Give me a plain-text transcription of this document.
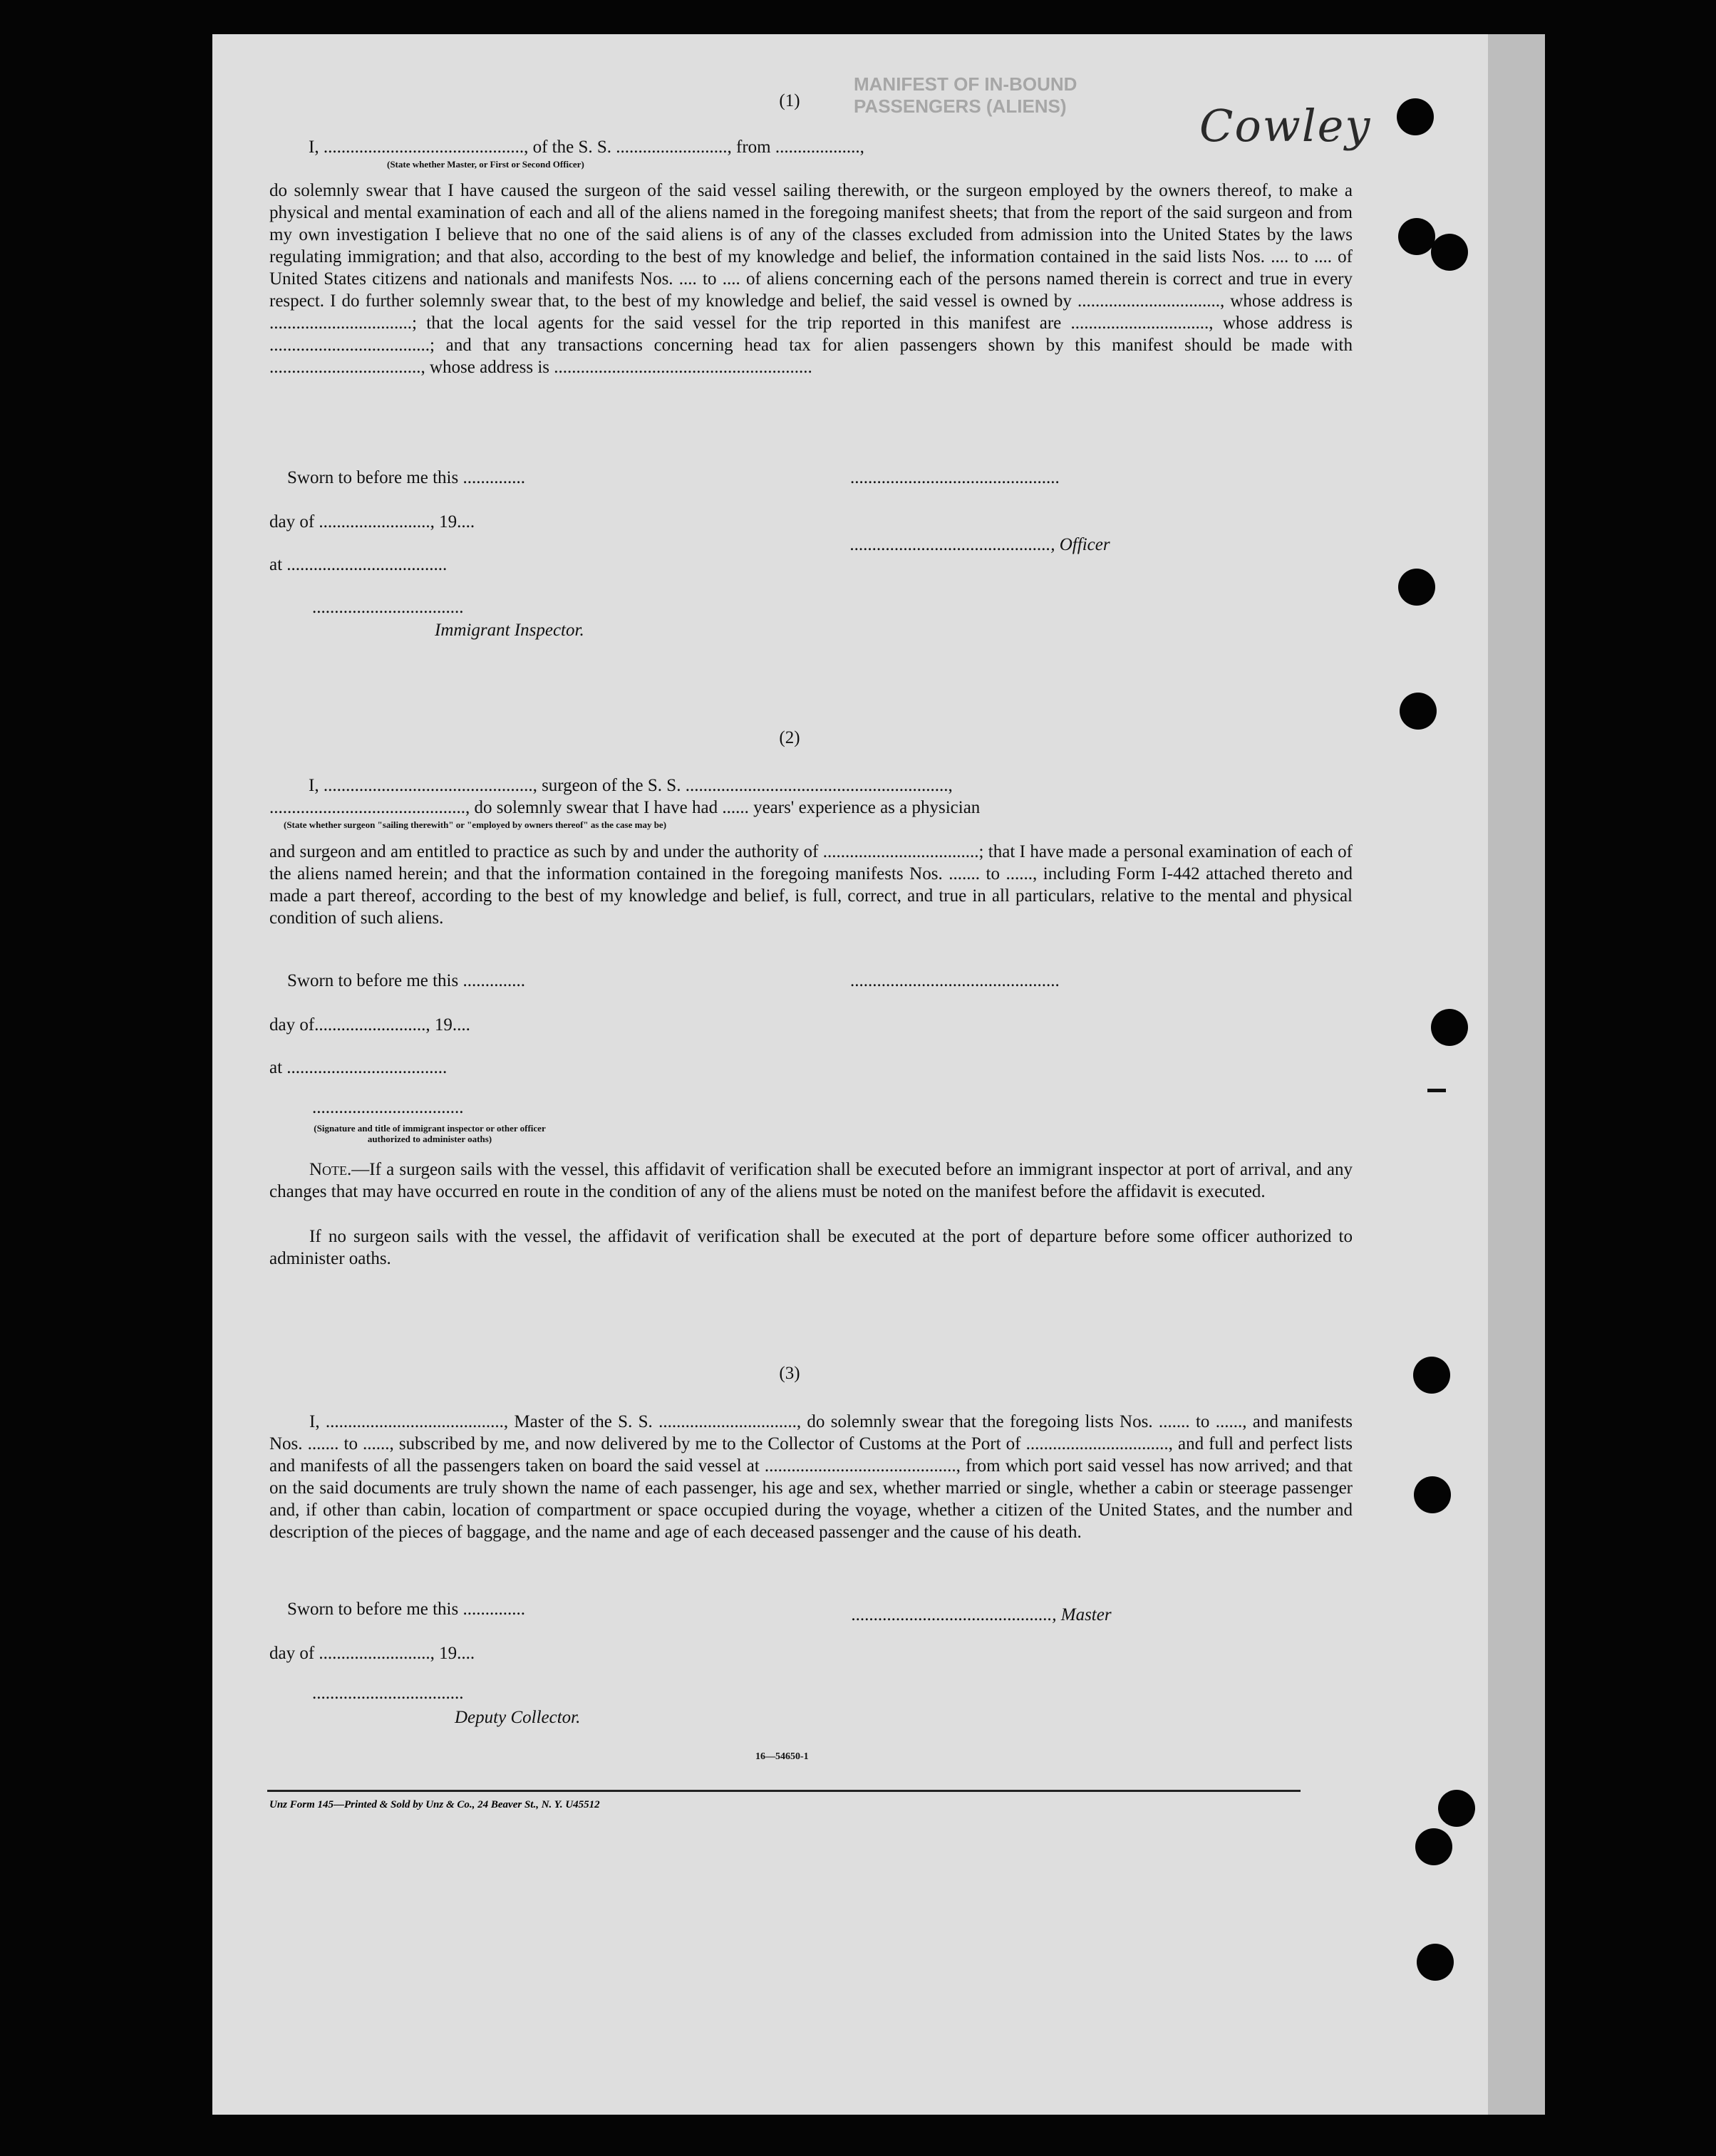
MANIFEST OF IN-BOUND PASSENGERS (ALIENS)	Cowley
(1)
I, ............................................., of the S. S. ........................., from ...................,
(State whether Master, or First or Second Officer)
do solemnly swear that I have caused the surgeon of the said vessel sailing therewith, or the surgeon employed by the owners thereof, to make a physical and mental examination of each and all of the aliens named in the foregoing manifest sheets; that from the report of the said surgeon and from my own investigation I believe that no one of the said aliens is of any of the classes excluded from admission into the United States by the laws regulating immigration; and that also, according to the best of my knowledge and belief, the information contained in the said lists Nos. .... to .... of United States citizens and nationals and manifests Nos. .... to .... of aliens concerning each of the persons named therein is correct and true in every respect. I do further solemnly swear that, to the best of my knowledge and belief, the said vessel is owned by ................................, whose address is ................................; that the local agents for the said vessel for the trip reported in this manifest are ..............................., whose address is ....................................; and that any transactions concerning head tax for alien passengers shown by this manifest should be made with .................................., whose address is ..........................................................
Sworn to before me this ..............	...............................................
day of ........................., 19....
............................................., Officer
at ....................................
..................................
Immigrant Inspector.
(2)
I, ..............................................., surgeon of the S. S. ...........................................................,
............................................, do solemnly swear that I have had ...... years' experience as a physician
(State whether surgeon "sailing therewith" or "employed by owners thereof" as the case may be)
and surgeon and am entitled to practice as such by and under the authority of ...................................; that I have made a personal examination of each of the aliens named herein; and that the information contained in the foregoing manifests Nos. ....... to ......, including Form I-442 attached thereto and made a part thereof, according to the best of my knowledge and belief, is full, correct, and true in all particulars, relative to the mental and physical condition of such aliens.
Sworn to before me this ..............	...............................................
day of........................., 19....
at ....................................
..................................
(Signature and title of immigrant inspector or other officer authorized to administer oaths)
Note.—If a surgeon sails with the vessel, this affidavit of verification shall be executed before an immigrant inspector at port of arrival, and any changes that may have occurred en route in the condition of any of the aliens must be noted on the manifest before the affidavit is executed.
If no surgeon sails with the vessel, the affidavit of verification shall be executed at the port of departure before some officer authorized to administer oaths.
(3)
I, ........................................, Master of the S. S. ..............................., do solemnly swear that the foregoing lists Nos. ....... to ......, and manifests Nos. ....... to ......, subscribed by me, and now delivered by me to the Collector of Customs at the Port of ................................, and full and perfect lists and manifests of all the passengers taken on board the said vessel at ..........................................., from which port said vessel has now arrived; and that on the said documents are truly shown the name of each passenger, his age and sex, whether married or single, whether a cabin or steerage passenger and, if other than cabin, location of compartment or space occupied during the voyage, whether a citizen of the United States, and the number and description of the pieces of baggage, and the name and age of each deceased passenger and the cause of his death.
Sworn to before me this ..............	............................................., Master
day of ........................., 19....
..................................
Deputy Collector.
16—54650-1
Unz Form 145—Printed & Sold by Unz & Co., 24 Beaver St., N. Y. U45512
